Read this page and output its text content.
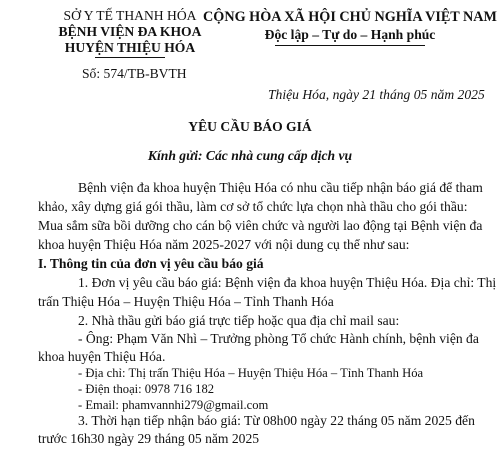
SỞ Y TẾ THANH HÓA
BỆNH VIỆN ĐA KHOA
HUYỆN THIỆU HÓA
Số: 574/TB-BVTH
CỘNG HÒA XÃ HỘI CHỦ NGHĨA VIỆT NAM
Độc lập – Tự do – Hạnh phúc
Thiệu Hóa, ngày 21 tháng 05 năm 2025
YÊU CẦU BÁO GIÁ
Kính gửi: Các nhà cung cấp dịch vụ
Bệnh viện đa khoa huyện Thiệu Hóa có nhu cầu tiếp nhận báo giá để tham
khảo, xây dựng giá gói thầu, làm cơ sở tổ chức lựa chọn nhà thầu cho gói thầu:
Mua sắm sữa bồi dưỡng cho cán bộ viên chức và người lao động tại Bệnh viện đa
khoa huyện Thiệu Hóa năm 2025-2027 với nội dung cụ thể như sau:
I. Thông tin của đơn vị yêu cầu báo giá
1. Đơn vị yêu cầu báo giá: Bệnh viện đa khoa huyện Thiệu Hóa. Địa chỉ: Thị
trấn Thiệu Hóa – Huyện Thiệu Hóa – Tỉnh Thanh Hóa
2. Nhà thầu gửi báo giá trực tiếp hoặc qua địa chỉ mail sau:
- Ông: Phạm Văn Nhì – Trưởng phòng Tổ chức Hành chính, bệnh viện đa
khoa huyện Thiệu Hóa.
- Địa chỉ: Thị trấn Thiệu Hóa – Huyện Thiệu Hóa – Tỉnh Thanh Hóa
- Điện thoại: 0978 716 182
- Email: phamvannhi279@gmail.com
3. Thời hạn tiếp nhận báo giá: Từ 08h00 ngày 22 tháng 05 năm 2025 đến
trước 16h30 ngày 29 tháng 05 năm 2025
